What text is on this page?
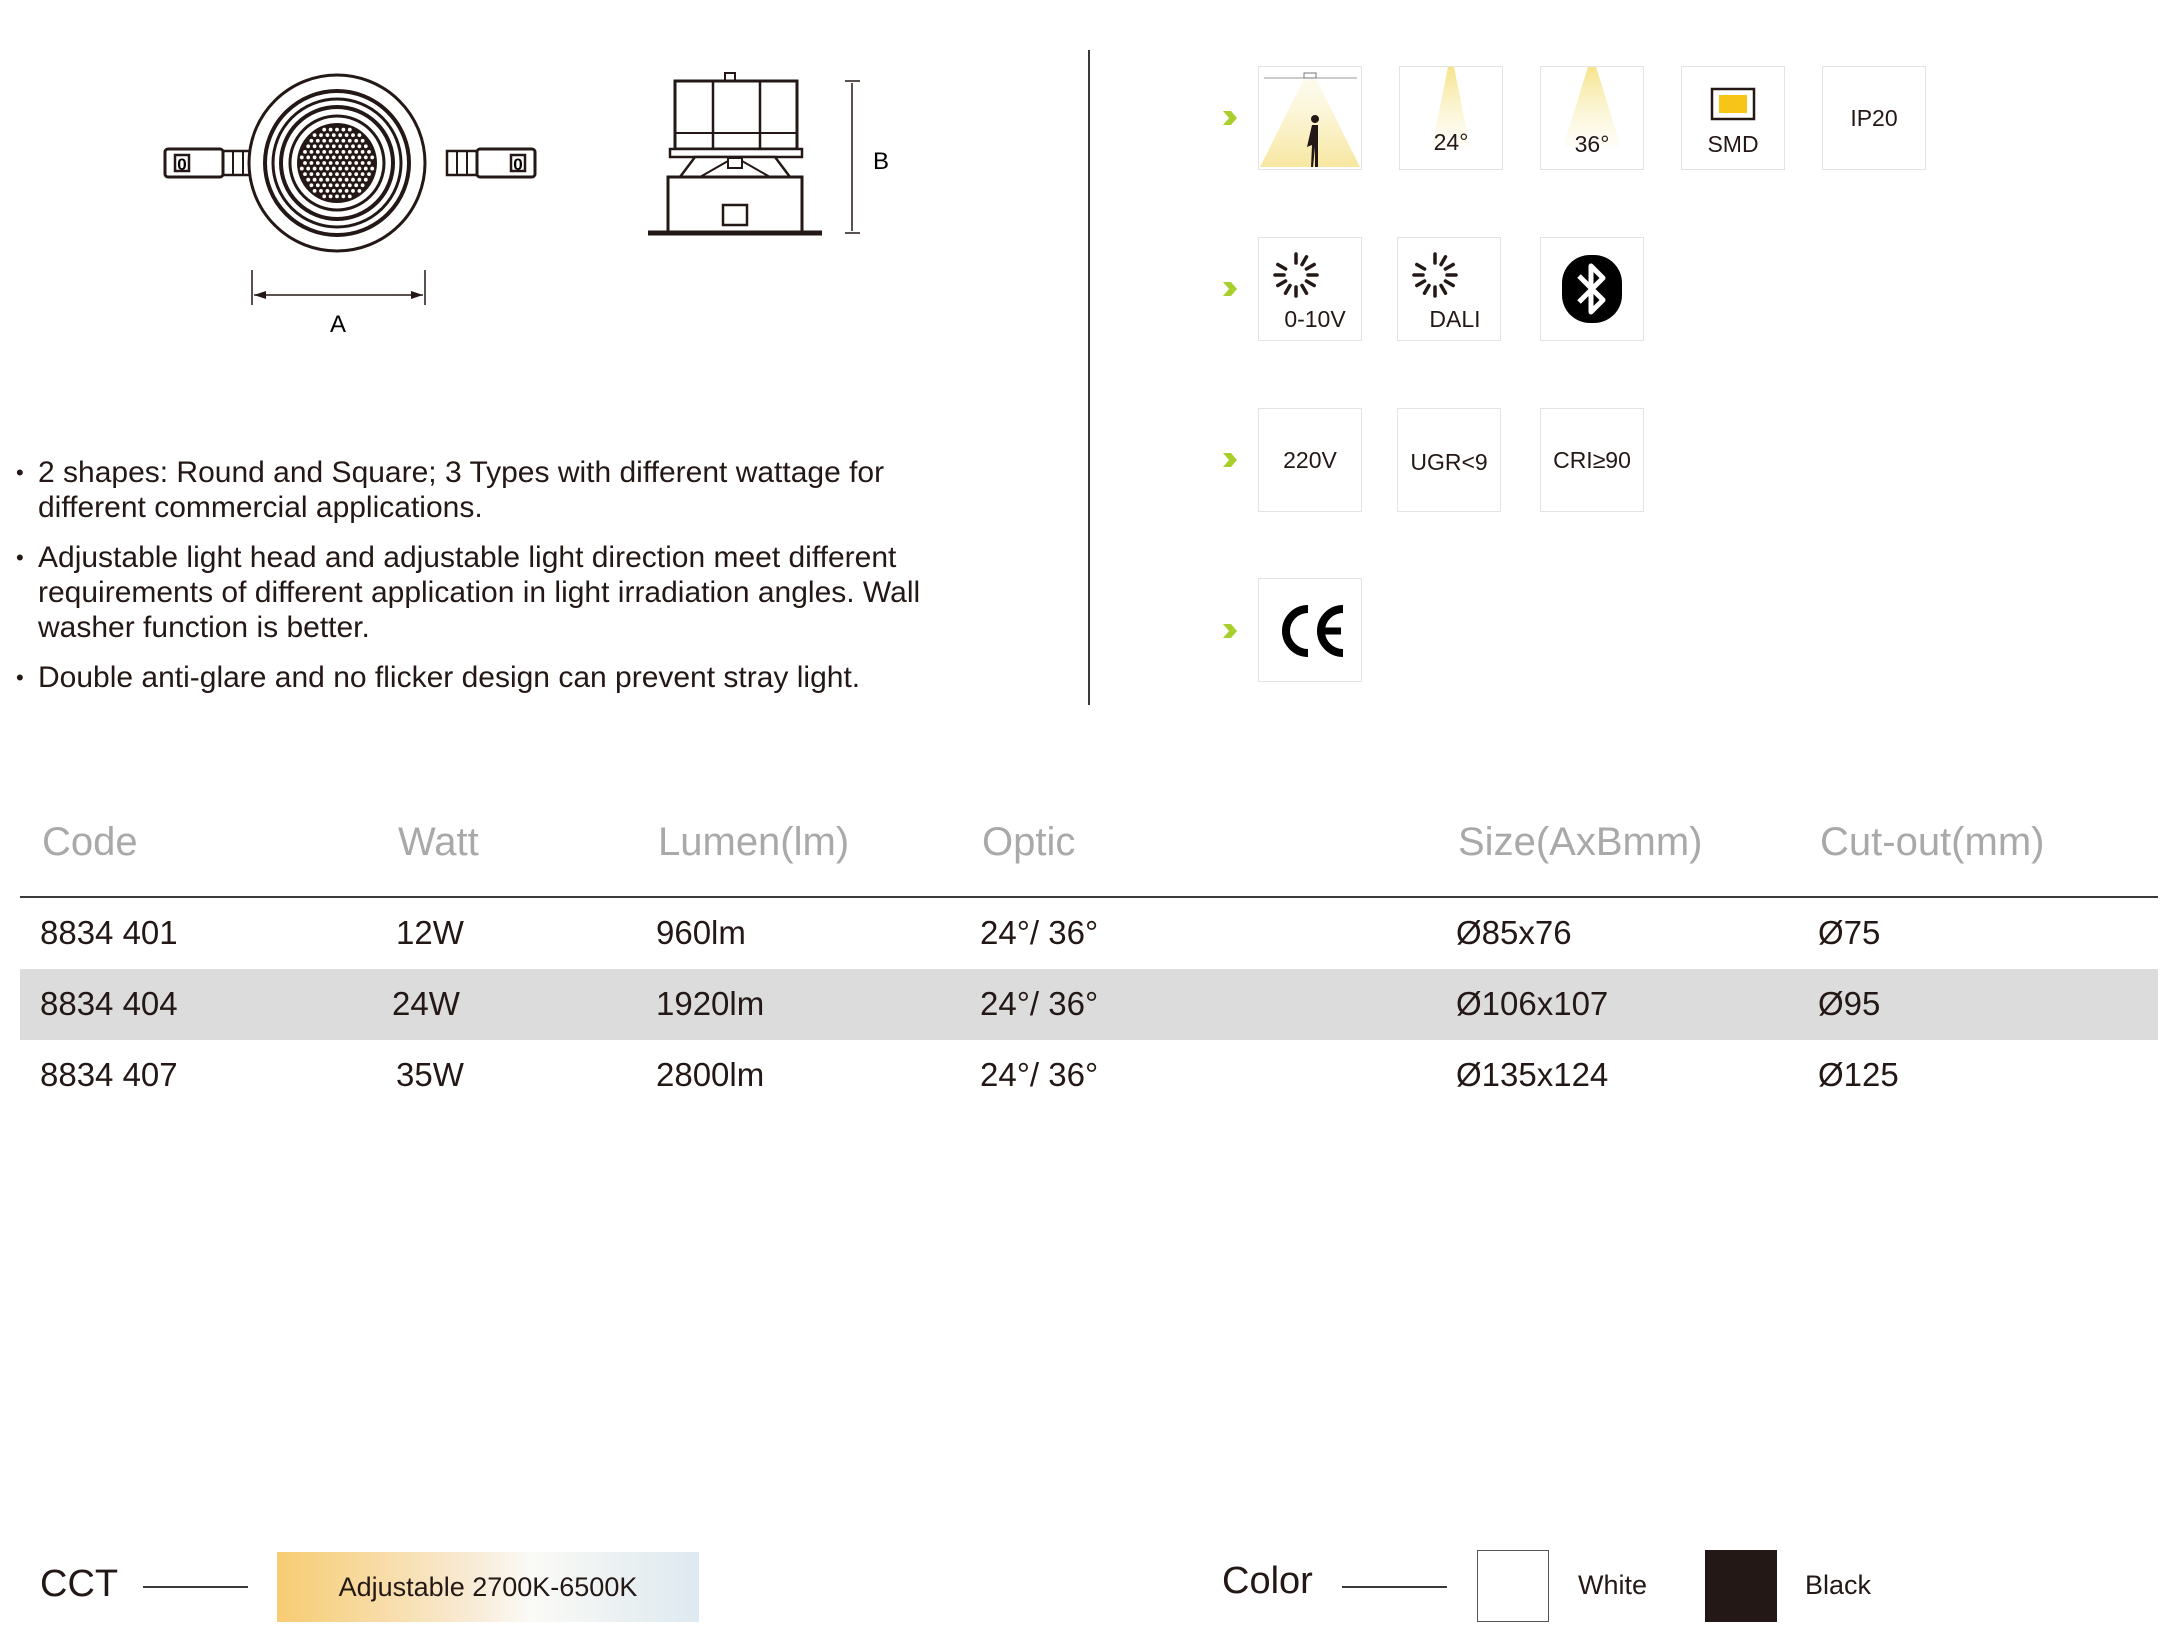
0	0
A
B
• 2 shapes: Round and Square; 3 Types with different wattage for different commercial applications.
• Adjustable light head and adjustable light direction meet different requirements of different application in light irradiation angles. Wall washer function is better.
• Double anti-glare and no flicker design can prevent stray light.
24°	36°	SMD
IP20
0-10V	DALI
220V	UGR<9	CRI≥90
Code	Watt	Lumen(lm)	Optic	Size(AxBmm)	Cut-out(mm)
8834 401	12W	960lm	24°/ 36°	Ø85x76	Ø75
8834 404	24W	1920lm	24°/ 36°	Ø106x107	Ø95
8834 407	35W	2800lm	24°/ 36°	Ø135x124	Ø125
CCT	Adjustable 2700K-6500K	Color	White	Black
